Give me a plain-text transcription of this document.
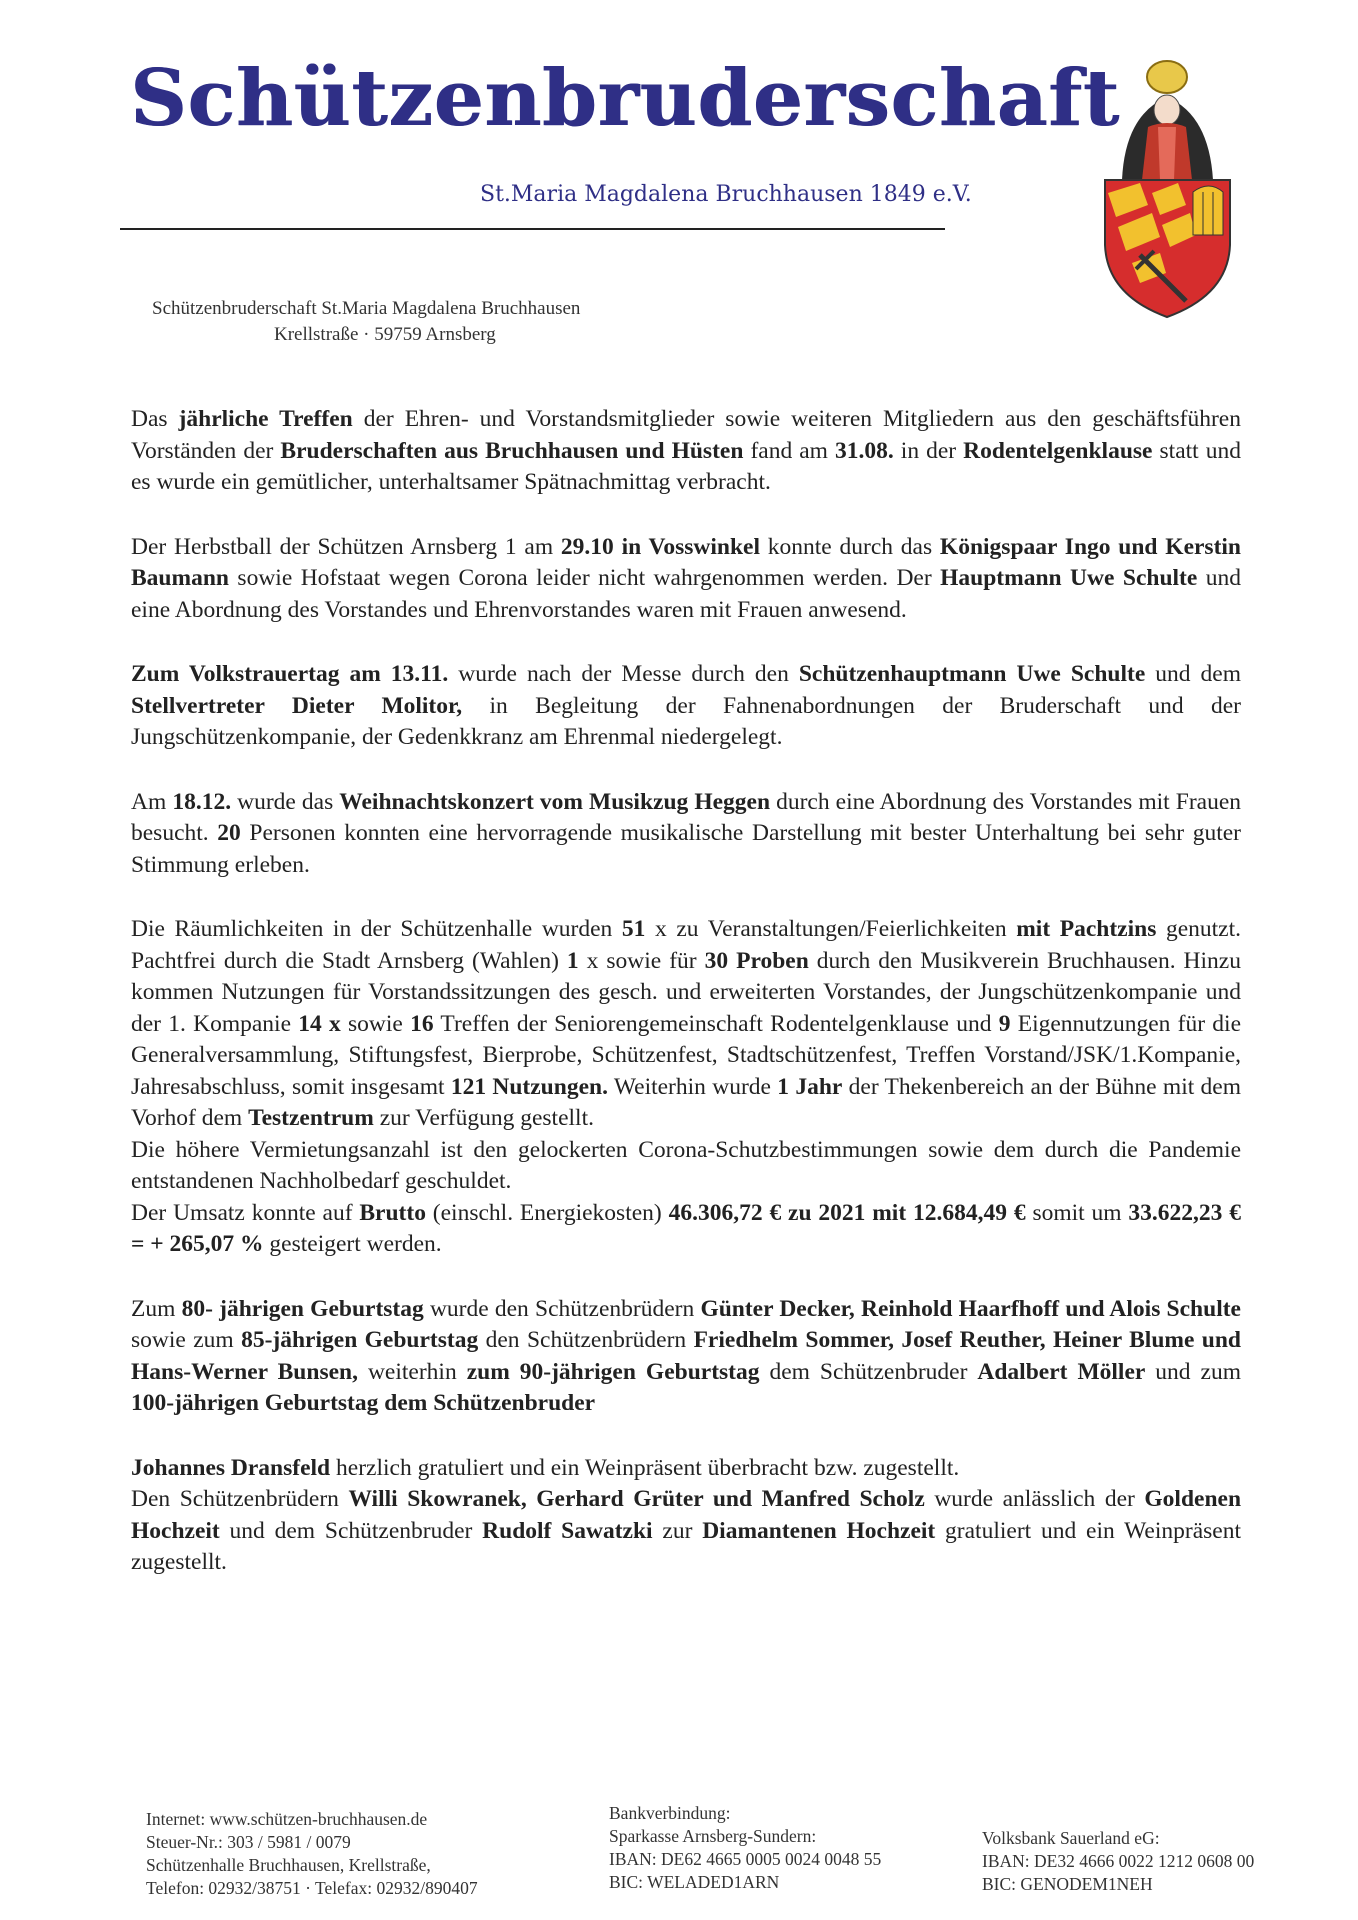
Schützenbruderschaft
St.Maria Magdalena Bruchhausen 1849 e.V.
Schützenbruderschaft St.Maria Magdalena Bruchhausen

Krellstraße · 59759 Arnsberg

Das jährliche Treffen der Ehren- und Vorstandsmitglieder sowie weiteren Mitgliedern aus den geschäftsführen Vorständen der Bruderschaften aus Bruchhausen und Hüsten fand am 31.08. in der Rodentelgenklause statt und es wurde ein gemütlicher, unterhaltsamer Spätnachmittag verbracht.

Der Herbstball der Schützen Arnsberg 1 am 29.10 in Vosswinkel konnte durch das Königspaar Ingo und Kerstin Baumann sowie Hofstaat wegen Corona leider nicht wahrgenommen werden. Der Hauptmann Uwe Schulte und eine Abordnung des Vorstandes und Ehrenvorstandes waren mit Frauen anwesend.

Zum Volkstrauertag am 13.11. wurde nach der Messe durch den Schützenhauptmann Uwe Schulte und dem Stellvertreter Dieter Molitor, in Begleitung der Fahnenabordnungen der Bruderschaft und der Jungschützenkompanie, der Gedenkkranz am Ehrenmal niedergelegt.

Am 18.12. wurde das Weihnachtskonzert vom Musikzug Heggen durch eine Abordnung des Vorstandes mit Frauen besucht. 20 Personen konnten eine hervorragende musikalische Darstellung mit bester Unterhaltung bei sehr guter Stimmung erleben.

Die Räumlichkeiten in der Schützenhalle wurden 51 x zu Veranstaltungen/Feierlichkeiten mit Pachtzins genutzt. Pachtfrei durch die Stadt Arnsberg (Wahlen) 1 x sowie für 30 Proben durch den Musikverein Bruchhausen. Hinzu kommen Nutzungen für Vorstandssitzungen des gesch. und erweiterten Vorstandes, der Jungschützenkompanie und der 1. Kompanie 14 x sowie 16 Treffen der Seniorengemeinschaft Rodentelgenklause und 9 Eigennutzungen für die Generalversammlung, Stiftungsfest, Bierprobe, Schützenfest, Stadtschützenfest, Treffen Vorstand/JSK/1.Kompanie, Jahresabschluss, somit insgesamt 121 Nutzungen. Weiterhin wurde 1 Jahr der Thekenbereich an der Bühne mit dem Vorhof dem Testzentrum zur Verfügung gestellt.

Die höhere Vermietungsanzahl ist den gelockerten Corona-Schutzbestimmungen sowie dem durch die Pandemie entstandenen Nachholbedarf geschuldet.

Der Umsatz konnte auf Brutto (einschl. Energiekosten) 46.306,72 € zu 2021 mit 12.684,49 € somit um 33.622,23 € = + 265,07 % gesteigert werden.

Zum 80- jährigen Geburtstag wurde den Schützenbrüdern Günter Decker, Reinhold Haarfhoff und Alois Schulte sowie zum 85-jährigen Geburtstag den Schützenbrüdern Friedhelm Sommer, Josef Reuther, Heiner Blume und Hans-Werner Bunsen, weiterhin zum 90-jährigen Geburtstag dem Schützenbruder Adalbert Möller und zum 100-jährigen Geburtstag dem Schützenbruder

Johannes Dransfeld herzlich gratuliert und ein Weinpräsent überbracht bzw. zugestellt.

Den Schützenbrüdern Willi Skowranek, Gerhard Grüter und Manfred Scholz wurde anlässlich der Goldenen Hochzeit und dem Schützenbruder Rudolf Sawatzki zur Diamantenen Hochzeit gratuliert und ein Weinpräsent zugestellt.

Internet: www.schützen-bruchhausen.de
Steuer-Nr.: 303 / 5981 / 0079
Schützenhalle Bruchhausen, Krellstraße,
Telefon: 02932/38751 · Telefax: 02932/890407
Bankverbindung:
Sparkasse Arnsberg-Sundern:
IBAN: DE62 4665 0005 0024 0048 55
BIC: WELADED1ARN
Volksbank Sauerland eG:
IBAN: DE32 4666 0022 1212 0608 00
BIC: GENODEM1NEH
